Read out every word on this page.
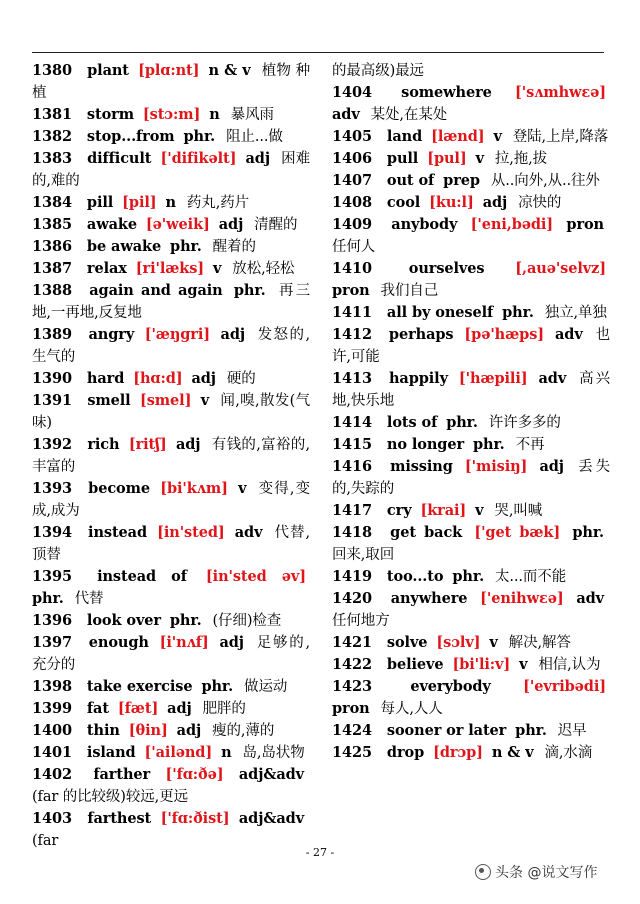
1380 plant [plɑ:nt] n & v 植物 种植
1381 storm [stɔ:m] n 暴风雨
1382 stop...from phr. 阻止...做
1383 difficult ['difikəlt] adj 困难的,难的
1384 pill [pil] n 药丸,药片
1385 awake [ə'weik] adj 清醒的
1386 be awake phr. 醒着的
1387 relax [ri'læks] v 放松,轻松
1388 again and again phr. 再三地,一再地,反复地
1389 angry ['æŋgri] adj 发怒的,生气的
1390 hard [hɑ:d] adj 硬的
1391 smell [smel] v 闻,嗅,散发(气味)
1392 rich [ritʃ] adj 有钱的,富裕的,丰富的
1393 become [bi'kʌm] v 变得,变成,成为
1394 instead [in'sted] adv 代替,顶替
1395 instead of [in'sted əv] phr. 代替
1396 look over phr. (仔细)检查
1397 enough [i'nʌf] adj 足够的,充分的
1398 take exercise phr. 做运动
1399 fat [fæt] adj 肥胖的
1400 thin [θin] adj 瘦的,薄的
1401 island ['ailənd] n 岛,岛状物
1402 farther ['fɑ:ðə] adj&adv (far 的比较级)较远,更远
1403 farthest ['fɑ:ðist] adj&adv (far
的最高级)最远
1404 somewhere ['sʌmhwɛə] adv 某处,在某处
1405 land [lænd] v 登陆,上岸,降落
1406 pull [pul] v 拉,拖,拔
1407 out of prep 从..向外,从..往外
1408 cool [ku:l] adj 凉快的
1409 anybody ['eni,bədi] pron 任何人
1410	ourselves [,auə'selvz] pron 我们自己
1411 all by oneself phr. 独立,单独
1412 perhaps [pə'hæps] adv 也许,可能
1413 happily ['hæpili] adv 高兴地,快乐地
1414 lots of phr. 许许多多的
1415 no longer phr. 不再
1416 missing ['misiŋ] adj 丢失的,失踪的
1417 cry [krai] v 哭,叫喊
1418 get back ['get bæk] phr. 回来,取回
1419 too...to phr. 太...而不能
1420 anywhere ['enihwɛə] adv 任何地方
1421 solve [sɔlv] v 解决,解答
1422 believe [bi'li:v] v 相信,认为
1423	everybody ['evribədi] pron 每人,人人
1424 sooner or later phr. 迟早
1425 drop [drɔp] n & v 滴,水滴
- 27 -
头条 @说文写作
